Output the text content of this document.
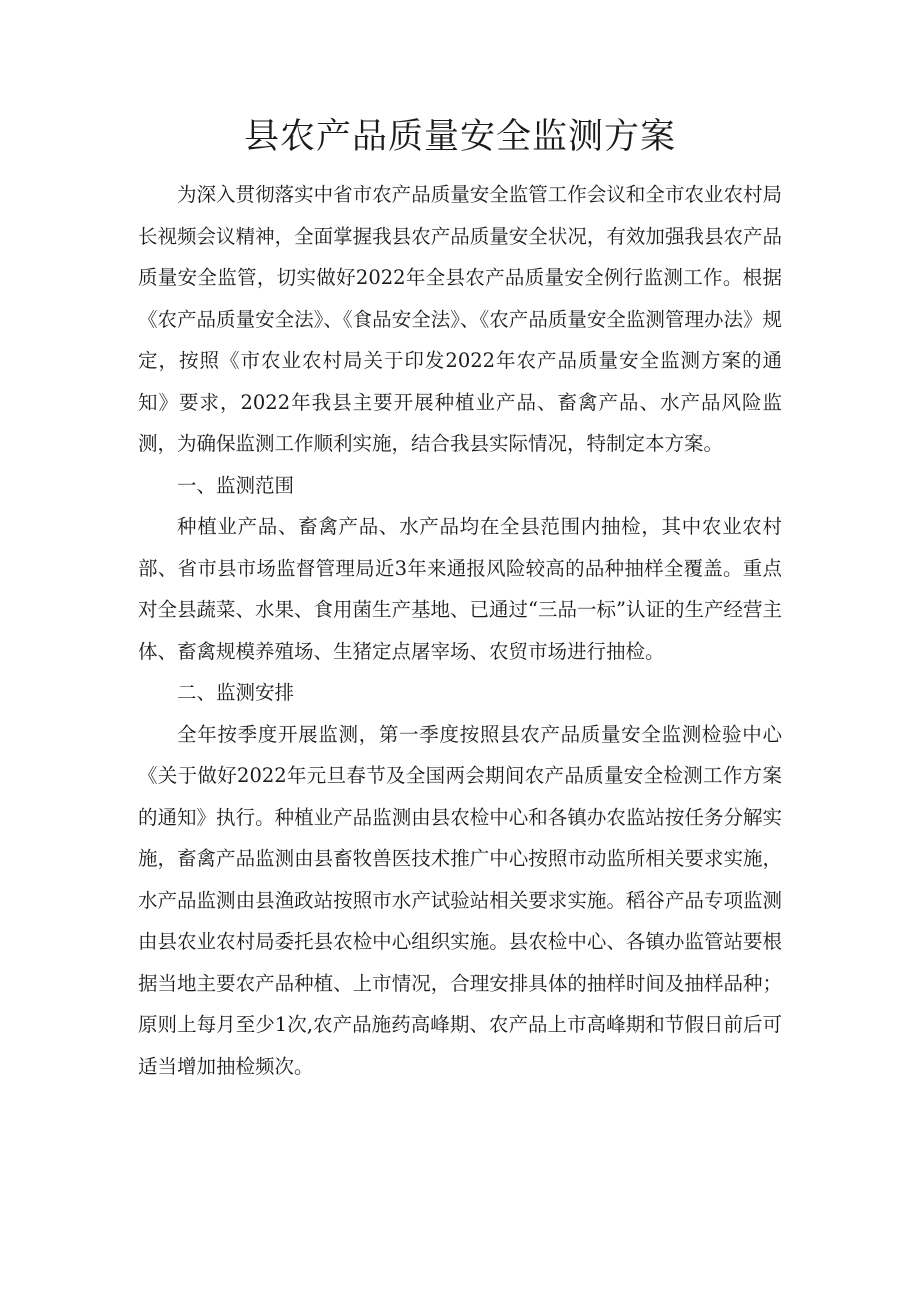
县农产品质量安全监测方案

为深入贯彻落实中省市农产品质量安全监管工作会议和全市农业农村局长视频会议精神，全面掌握我县农产品质量安全状况，有效加强我县农产品质量安全监管，切实做好2022年全县农产品质量安全例行监测工作。根据《农产品质量安全法》、《食品安全法》、《农产品质量安全监测管理办法》规定，按照《市农业农村局关于印发2022年农产品质量安全监测方案的通知》要求，2022年我县主要开展种植业产品、畜禽产品、水产品风险监测，为确保监测工作顺利实施，结合我县实际情况，特制定本方案。

一、监测范围

种植业产品、畜禽产品、水产品均在全县范围内抽检，其中农业农村部、省市县市场监督管理局近3年来通报风险较高的品种抽样全覆盖。重点对全县蔬菜、水果、食用菌生产基地、已通过“三品一标”认证的生产经营主体、畜禽规模养殖场、生猪定点屠宰场、农贸市场进行抽检。

二、监测安排

全年按季度开展监测，第一季度按照县农产品质量安全监测检验中心《关于做好2022年元旦春节及全国两会期间农产品质量安全检测工作方案的通知》执行。种植业产品监测由县农检中心和各镇办农监站按任务分解实施，畜禽产品监测由县畜牧兽医技术推广中心按照市动监所相关要求实施，水产品监测由县渔政站按照市水产试验站相关要求实施。稻谷产品专项监测由县农业农村局委托县农检中心组织实施。县农检中心、各镇办监管站要根据当地主要农产品种植、上市情况，合理安排具体的抽样时间及抽样品种；原则上每月至少1次,农产品施药高峰期、农产品上市高峰期和节假日前后可适当增加抽检频次。
